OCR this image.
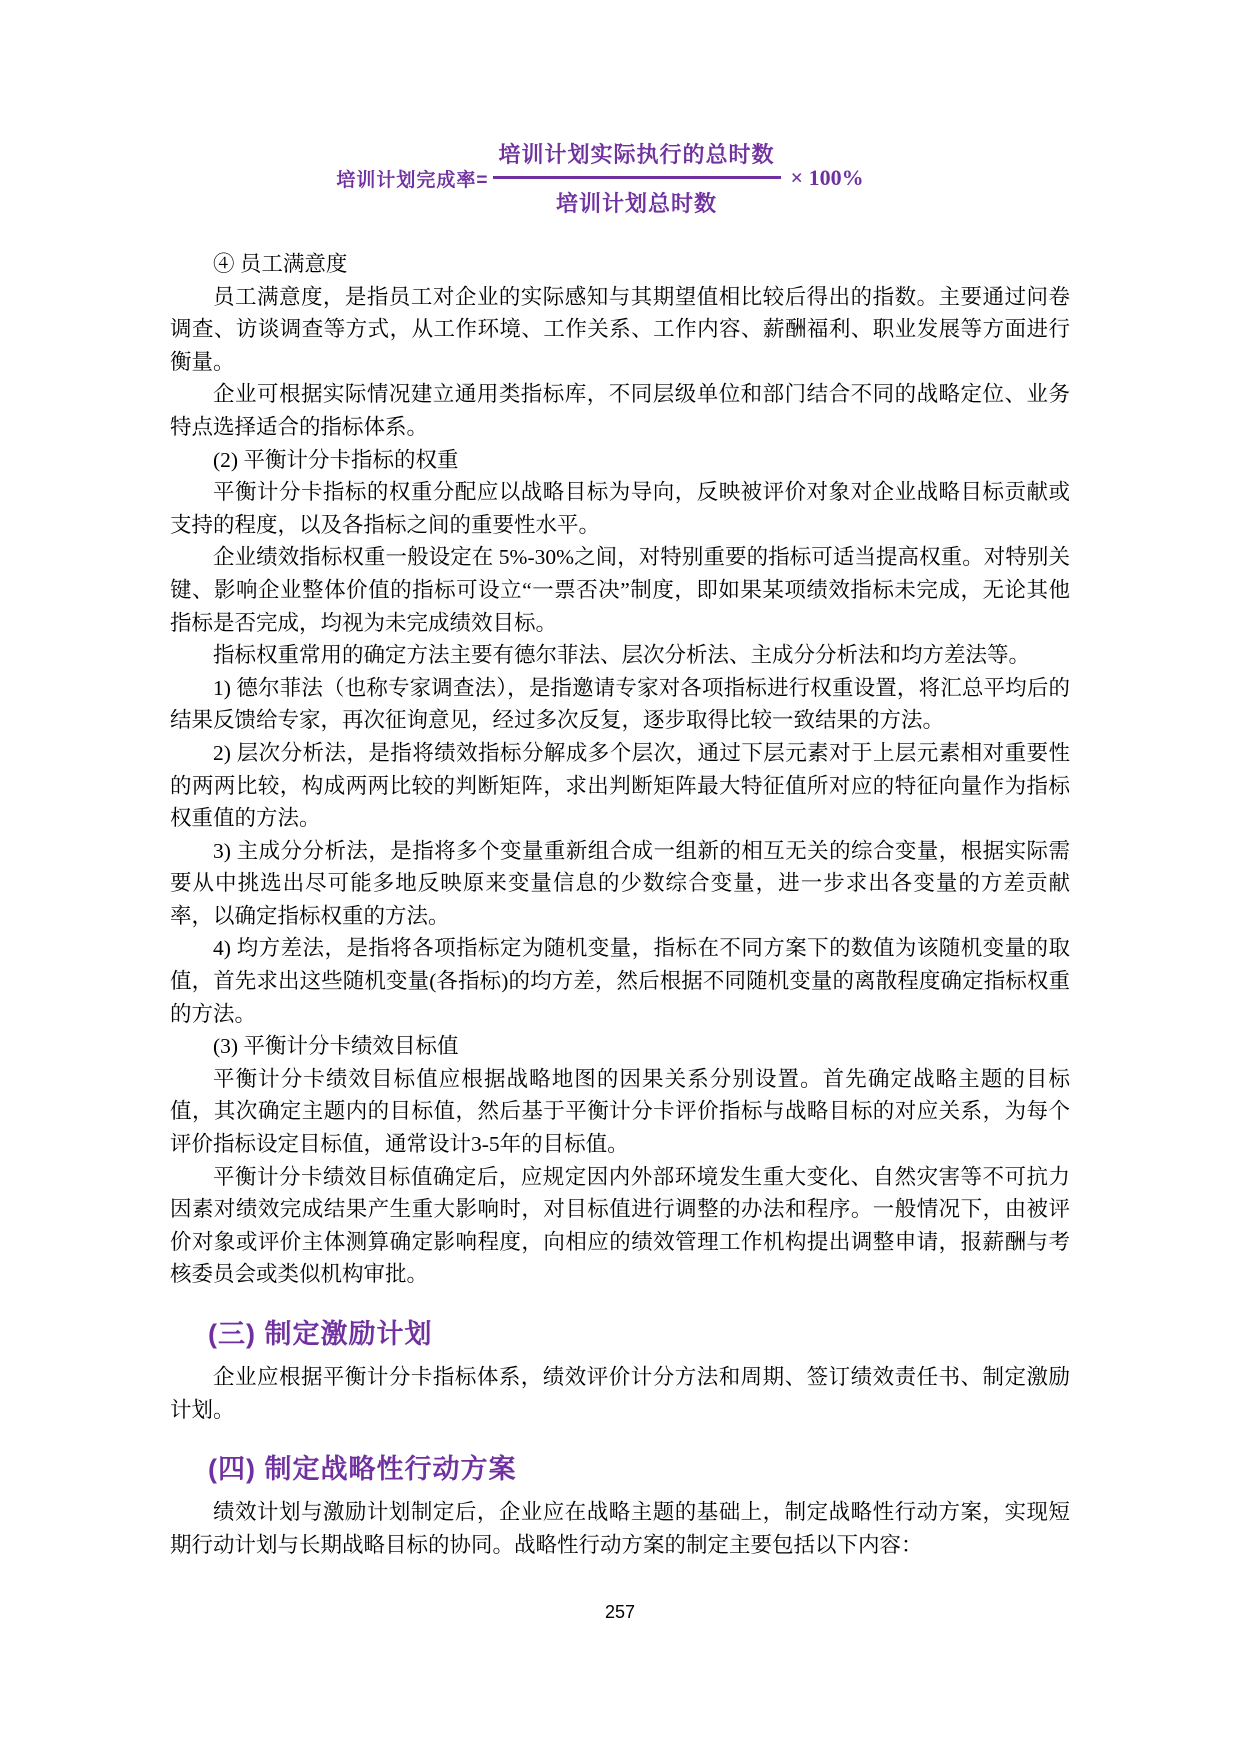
培训计划完成率= $\frac{\text{培训计划实际执行的总时数}}{\text{培训计划总时数}} \times 100\%$

④ 员工满意度

员工满意度，是指员工对企业的实际感知与其期望值相比较后得出的指数。主要通过问卷调查、访谈调查等方式，从工作环境、工作关系、工作内容、薪酬福利、职业发展等方面进行衡量。

企业可根据实际情况建立通用类指标库，不同层级单位和部门结合不同的战略定位、业务特点选择适合的指标体系。

(2) 平衡计分卡指标的权重

平衡计分卡指标的权重分配应以战略目标为导向，反映被评价对象对企业战略目标贡献或支持的程度，以及各指标之间的重要性水平。

企业绩效指标权重一般设定在 5%-30%之间，对特别重要的指标可适当提高权重。对特别关键、影响企业整体价值的指标可设立“一票否决”制度，即如果某项绩效指标未完成，无论其他指标是否完成，均视为未完成绩效目标。

指标权重常用的确定方法主要有德尔菲法、层次分析法、主成分分析法和均方差法等。

1) 德尔菲法（也称专家调查法），是指邀请专家对各项指标进行权重设置，将汇总平均后的结果反馈给专家，再次征询意见，经过多次反复，逐步取得比较一致结果的方法。

2) 层次分析法，是指将绩效指标分解成多个层次，通过下层元素对于上层元素相对重要性的两两比较，构成两两比较的判断矩阵，求出判断矩阵最大特征值所对应的特征向量作为指标权重值的方法。

3) 主成分分析法，是指将多个变量重新组合成一组新的相互无关的综合变量，根据实际需要从中挑选出尽可能多地反映原来变量信息的少数综合变量，进一步求出各变量的方差贡献率，以确定指标权重的方法。

4) 均方差法，是指将各项指标定为随机变量，指标在不同方案下的数值为该随机变量的取值，首先求出这些随机变量(各指标)的均方差，然后根据不同随机变量的离散程度确定指标权重的方法。

(3) 平衡计分卡绩效目标值

平衡计分卡绩效目标值应根据战略地图的因果关系分别设置。首先确定战略主题的目标值，其次确定主题内的目标值，然后基于平衡计分卡评价指标与战略目标的对应关系，为每个评价指标设定目标值，通常设计3-5年的目标值。

平衡计分卡绩效目标值确定后，应规定因内外部环境发生重大变化、自然灾害等不可抗力因素对绩效完成结果产生重大影响时，对目标值进行调整的办法和程序。一般情况下，由被评价对象或评价主体测算确定影响程度，向相应的绩效管理工作机构提出调整申请，报薪酬与考核委员会或类似机构审批。

(三) 制定激励计划

企业应根据平衡计分卡指标体系，绩效评价计分方法和周期、签订绩效责任书、制定激励计划。

(四) 制定战略性行动方案

绩效计划与激励计划制定后，企业应在战略主题的基础上，制定战略性行动方案，实现短期行动计划与长期战略目标的协同。战略性行动方案的制定主要包括以下内容：

257
